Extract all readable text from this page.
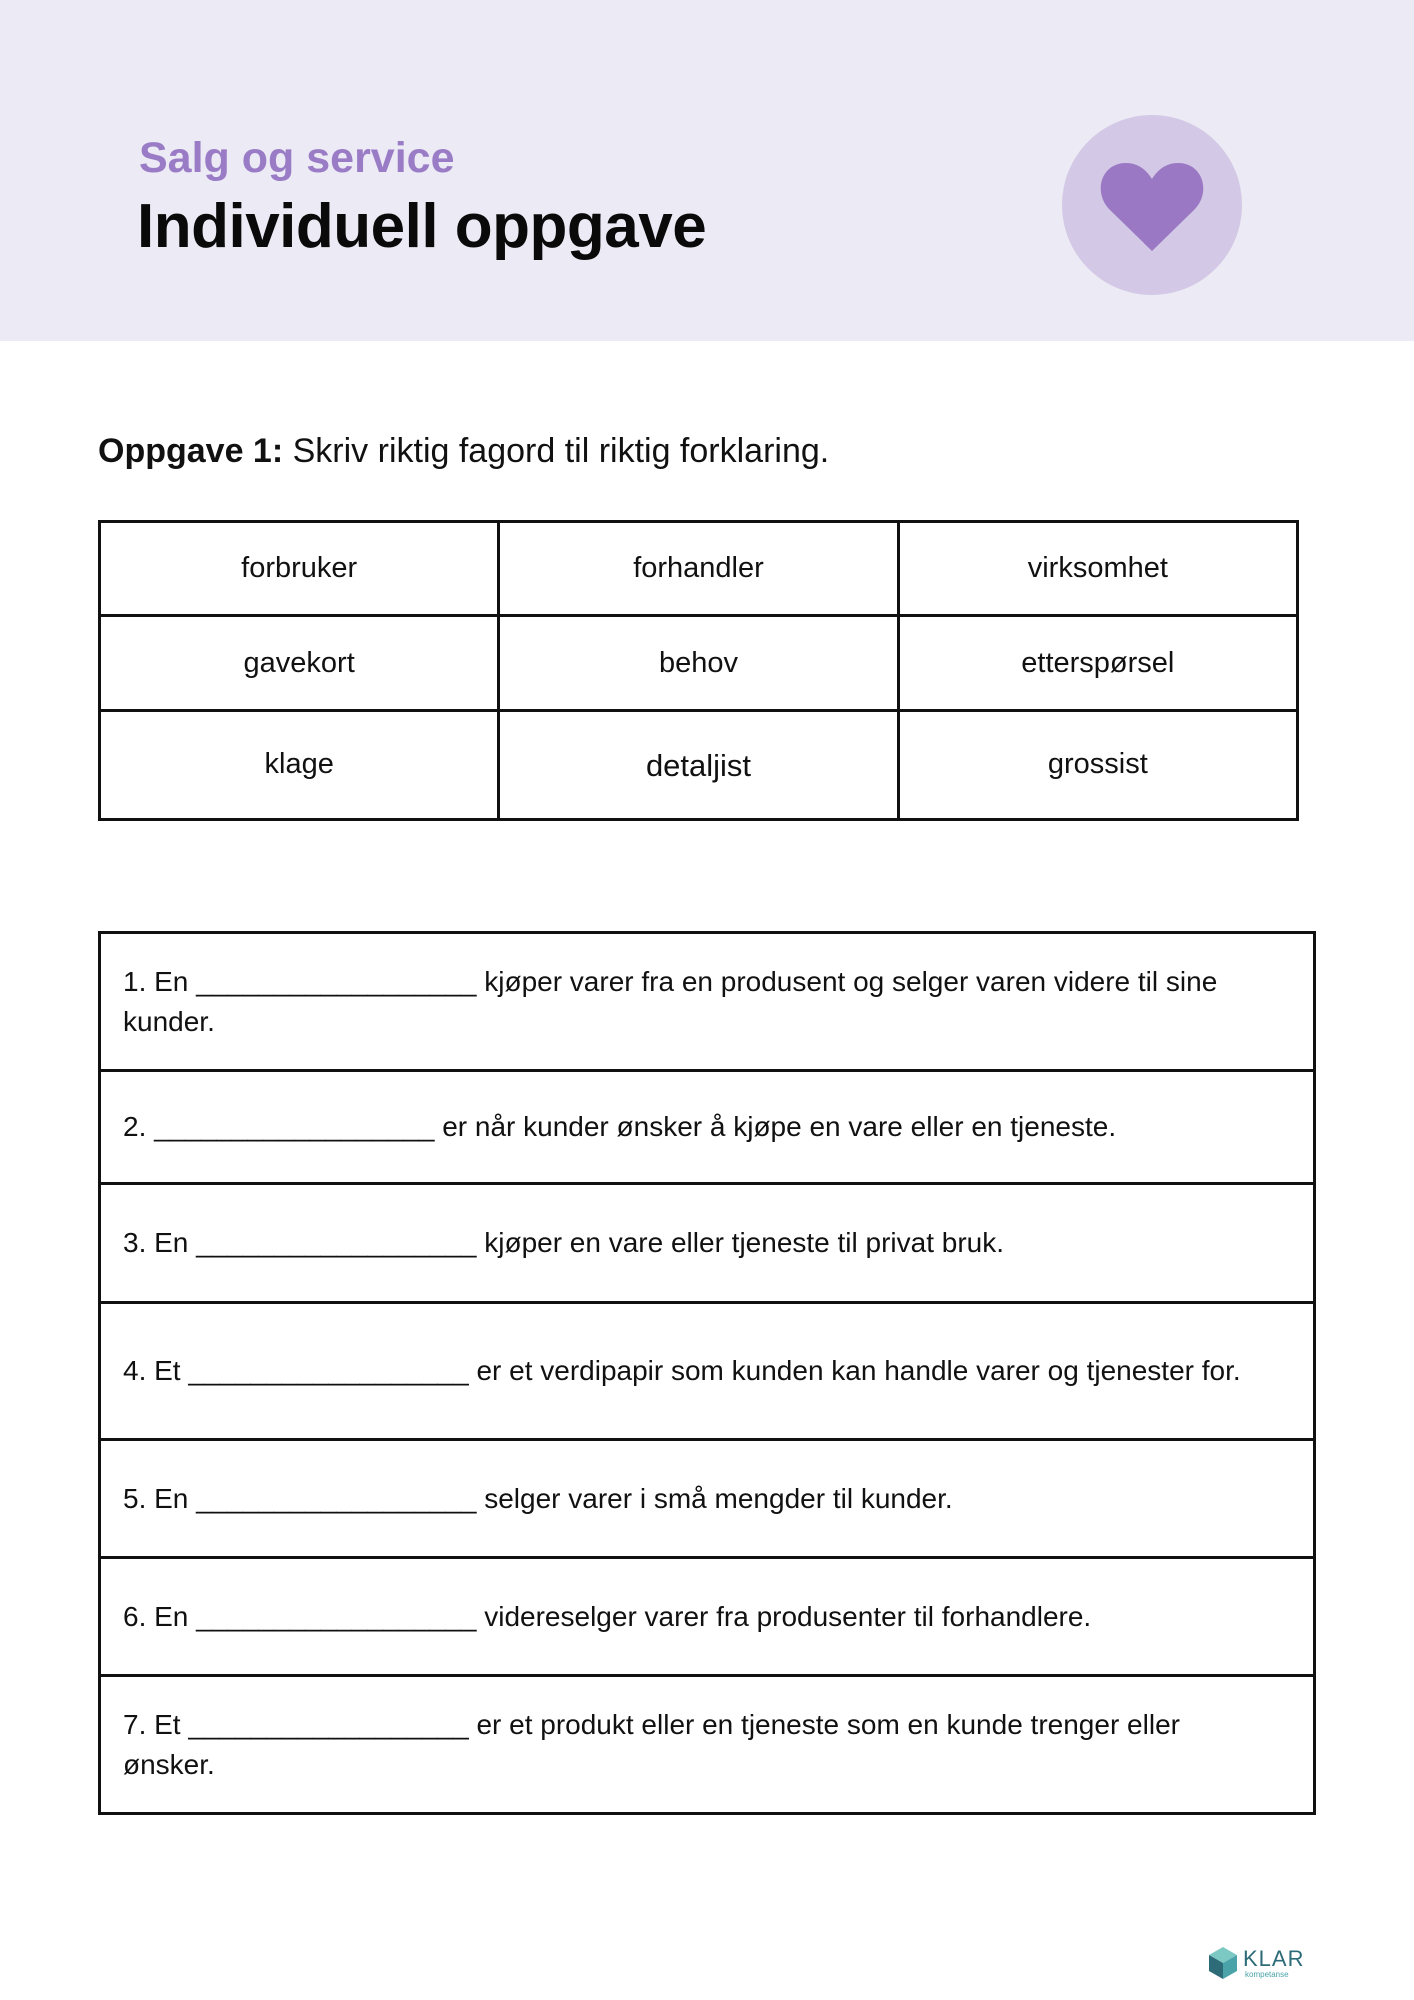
Salg og service
Individuell oppgave
Oppgave 1: Skriv riktig fagord til riktig forklaring.
forbruker	forhandler	virksomhet
gavekort	behov	etterspørsel
klage	detaljist	grossist
1. En __________________ kjøper varer fra en produsent og selger varen videre til sine kunder.
2. __________________ er når kunder ønsker å kjøpe en vare eller en tjeneste.
3. En __________________ kjøper en vare eller tjeneste til privat bruk.
4. Et __________________ er et verdipapir som kunden kan handle varer og tjenester for.
5. En __________________ selger varer i små mengder til kunder.
6. En __________________ videreselger varer fra produsenter til forhandlere.
7. Et __________________ er et produkt eller en tjeneste som en kunde trenger eller ønsker.
KLAR
kompetanse
